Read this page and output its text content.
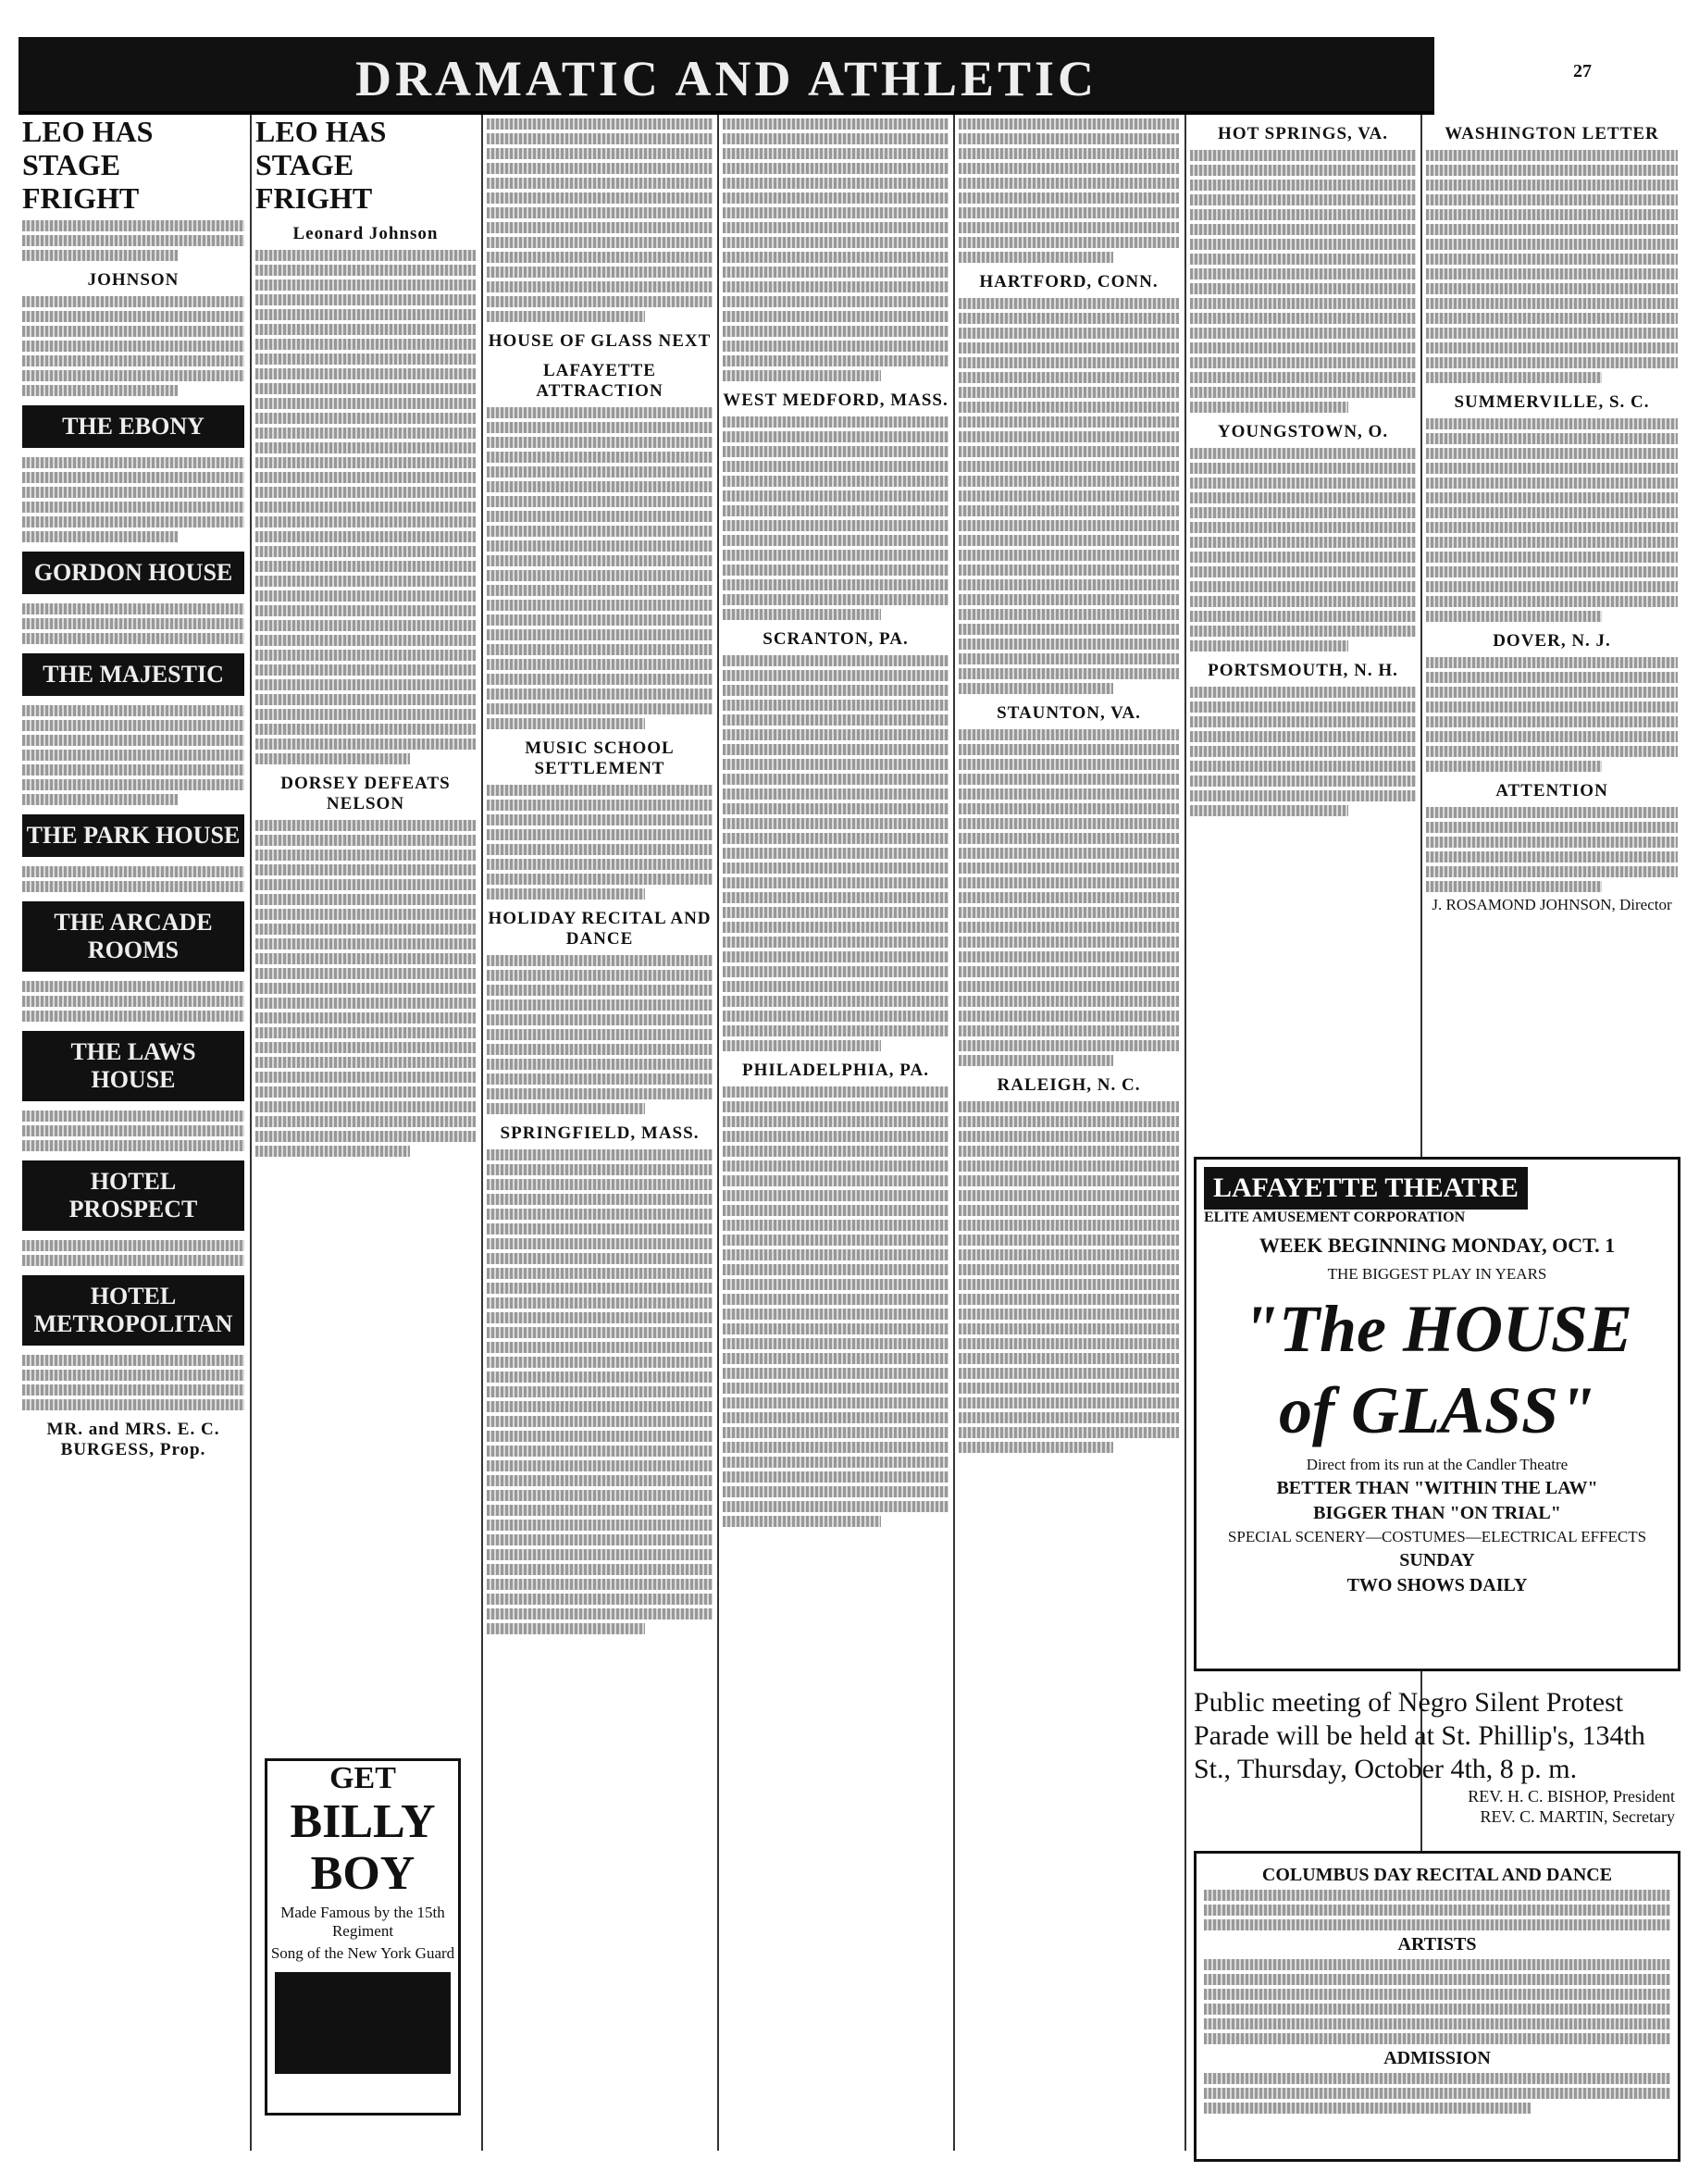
DRAMATIC AND ATHLETIC	27
LEO HAS STAGE FRIGHT
JOHNSON
THE EBONY
GORDON HOUSE
THE MAJESTIC
THE PARK HOUSE
THE ARCADE ROOMS
THE LAWS HOUSE
HOTEL PROSPECT
HOTEL METROPOLITAN
MR. and MRS. E. C. BURGESS, Prop.
LEO HAS STAGE FRIGHT
Leonard Johnson
DORSEY DEFEATS NELSON
GET
BILLY BOY
Made Famous by the 15th Regiment
Song of the New York Guard
HOUSE OF GLASS NEXT
LAFAYETTE ATTRACTION
MUSIC SCHOOL SETTLEMENT
HOLIDAY RECITAL AND DANCE
SPRINGFIELD, MASS.
WEST MEDFORD, MASS.
SCRANTON, PA.
PHILADELPHIA, PA.
HARTFORD, CONN.
STAUNTON, VA.
RALEIGH, N. C.
HOT SPRINGS, VA.
YOUNGSTOWN, O.
PORTSMOUTH, N. H.
WASHINGTON LETTER
SUMMERVILLE, S. C.
DOVER, N. J.
ATTENTION
J. ROSAMOND JOHNSON, Director
LAFAYETTE THEATRE
ELITE AMUSEMENT CORPORATION
WEEK BEGINNING MONDAY, OCT. 1
THE BIGGEST PLAY IN YEARS
"The HOUSE
of GLASS"
Direct from its run at the Candler Theatre
BETTER THAN "WITHIN THE LAW"
BIGGER THAN "ON TRIAL"
SPECIAL SCENERY—COSTUMES—ELECTRICAL EFFECTS
SUNDAY
TWO SHOWS DAILY
Public meeting of Negro Silent Protest Parade will be held at St. Phillip's, 134th St., Thursday, October 4th, 8 p. m.
REV. H. C. BISHOP, President
REV. C. MARTIN, Secretary
COLUMBUS DAY RECITAL AND DANCE
ARTISTS
ADMISSION
